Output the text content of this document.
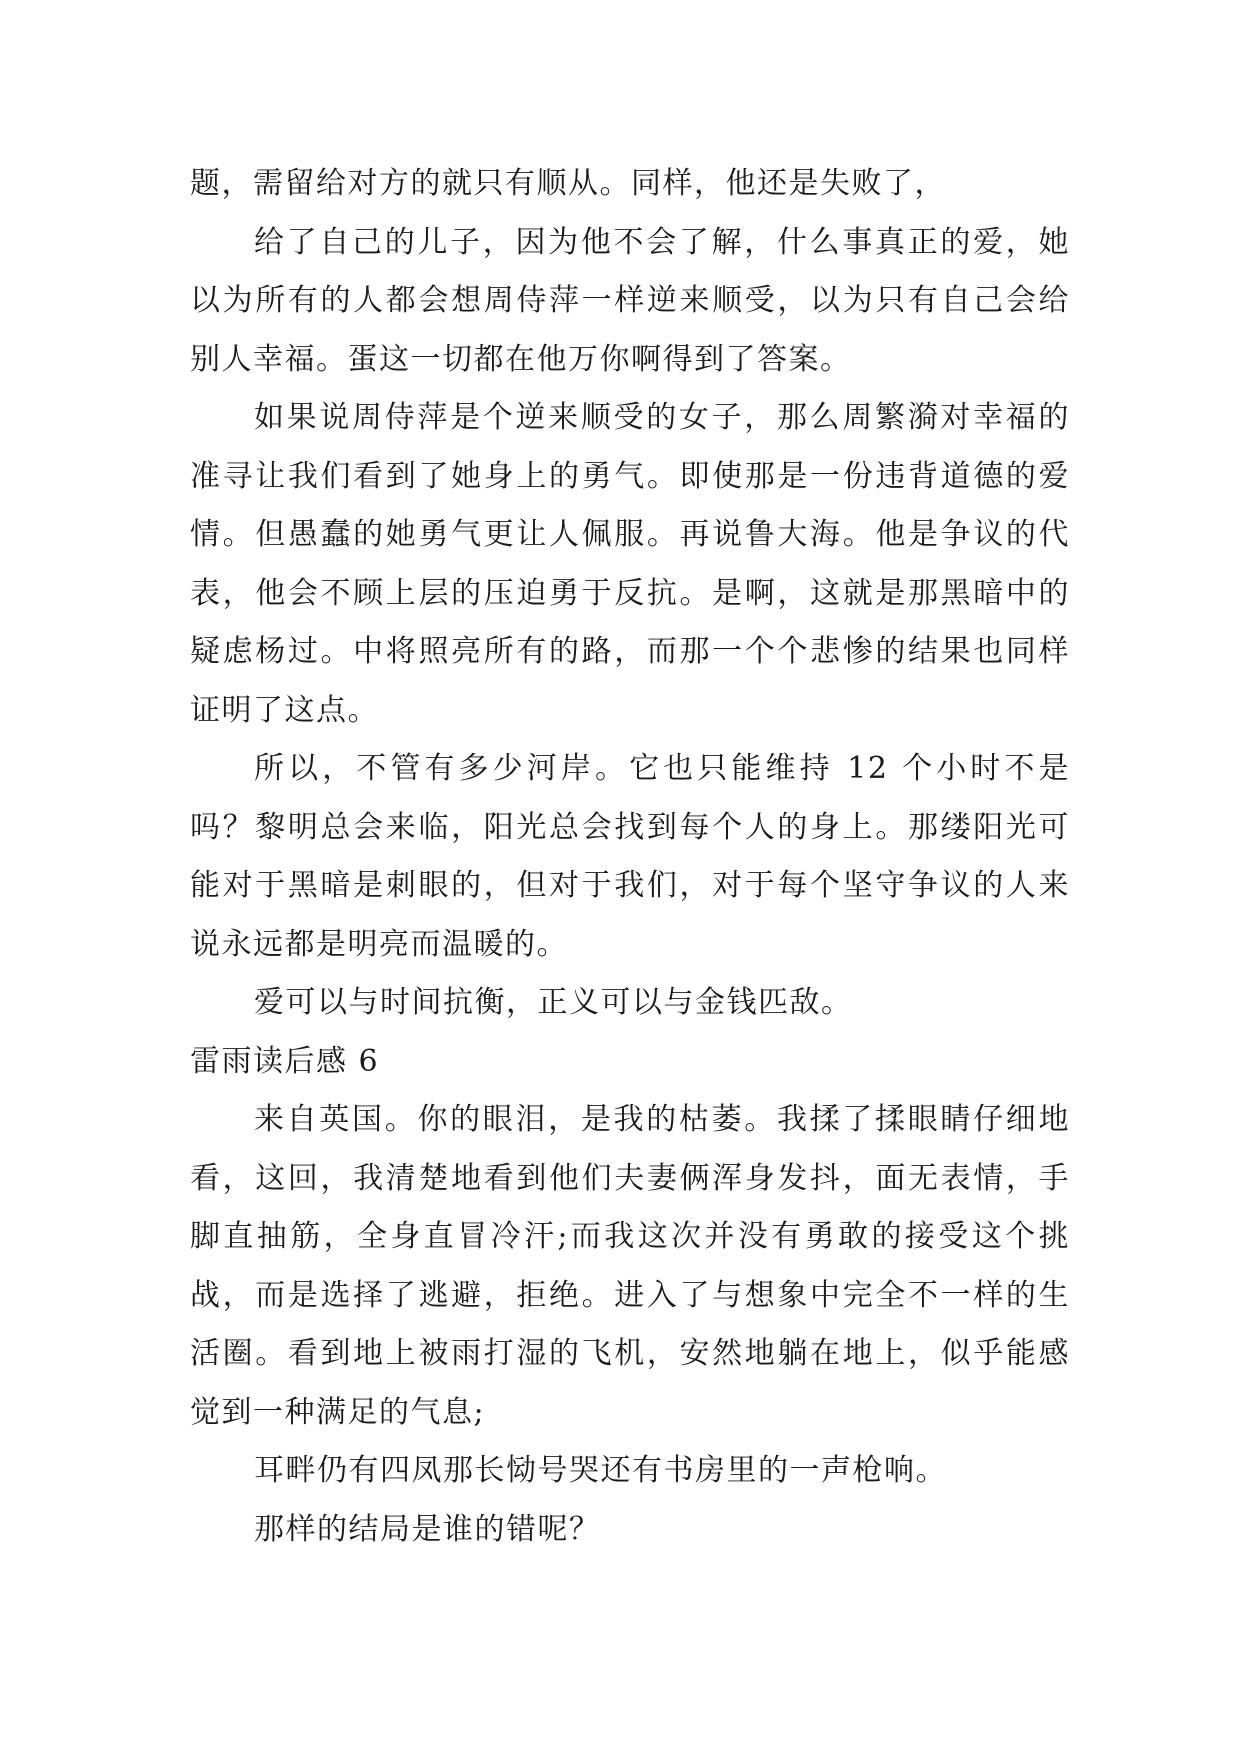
题，需留给对方的就只有顺从。同样，他还是失败了，

给了自己的儿子，因为他不会了解，什么事真正的爱，她以为所有的人都会想周侍萍一样逆来顺受，以为只有自己会给别人幸福。蛋这一切都在他万你啊得到了答案。

如果说周侍萍是个逆来顺受的女子，那么周繁漪对幸福的准寻让我们看到了她身上的勇气。即使那是一份违背道德的爱情。但愚蠢的她勇气更让人佩服。再说鲁大海。他是争议的代表，他会不顾上层的压迫勇于反抗。是啊，这就是那黑暗中的疑虑杨过。中将照亮所有的路，而那一个个悲惨的结果也同样证明了这点。

所以，不管有多少河岸。它也只能维持 12 个小时不是吗？黎明总会来临，阳光总会找到每个人的身上。那缕阳光可能对于黑暗是刺眼的，但对于我们，对于每个坚守争议的人来说永远都是明亮而温暖的。

爱可以与时间抗衡，正义可以与金钱匹敌。

雷雨读后感 6

来自英国。你的眼泪，是我的枯萎。我揉了揉眼睛仔细地看，这回，我清楚地看到他们夫妻俩浑身发抖，面无表情，手脚直抽筋，全身直冒冷汗;而我这次并没有勇敢的接受这个挑战，而是选择了逃避，拒绝。进入了与想象中完全不一样的生活圈。看到地上被雨打湿的飞机，安然地躺在地上，似乎能感觉到一种满足的气息;

耳畔仍有四凤那长恸号哭还有书房里的一声枪响。

那样的结局是谁的错呢？
